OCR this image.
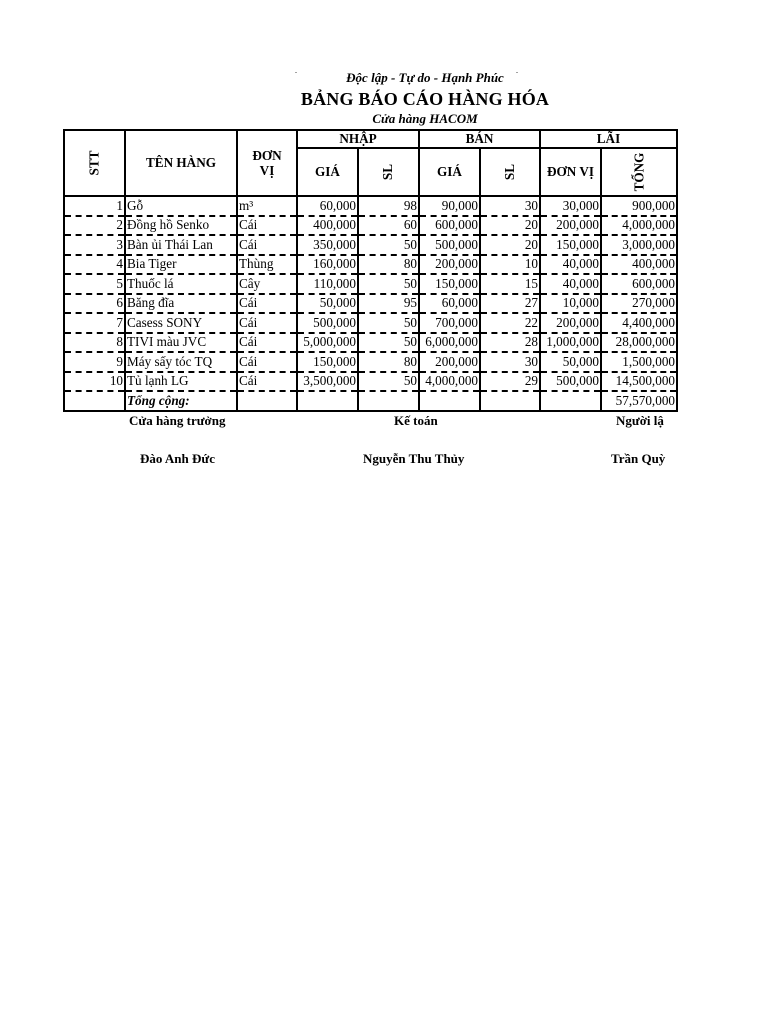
.	.
Độc lập - Tự do - Hạnh Phúc
BẢNG BÁO CÁO HÀNG HÓA
Cửa hàng HACOM
STT	TÊN HÀNG	ĐƠN VỊ	NHẬP		BÁN		LÃI	
			GIÁ	SL	GIÁ	SL	ĐƠN VỊ	TỔNG
1	Gỗ	m³	60,000	98	90,000	30	30,000	900,000
2	Đồng hồ Senko	Cái	400,000	60	600,000	20	200,000	4,000,000
3	Bàn ủi Thái Lan	Cái	350,000	50	500,000	20	150,000	3,000,000
4	Bia Tiger	Thùng	160,000	80	200,000	10	40,000	400,000
5	Thuốc lá	Cây	110,000	50	150,000	15	40,000	600,000
6	Băng đĩa	Cái	50,000	95	60,000	27	10,000	270,000
7	Casess SONY	Cái	500,000	50	700,000	22	200,000	4,400,000
8	TIVI màu JVC	Cái	5,000,000	50	6,000,000	28	1,000,000	28,000,000
9	Máy sấy tóc TQ	Cái	150,000	80	200,000	30	50,000	1,500,000
10	Tủ lạnh LG	Cái	3,500,000	50	4,000,000	29	500,000	14,500,000
	Tổng cộng:							57,570,000
Cửa hàng trưởng	Kế toán	Người lậ
Đào Anh Đức	Nguyễn Thu Thủy	Trần Quỳ
